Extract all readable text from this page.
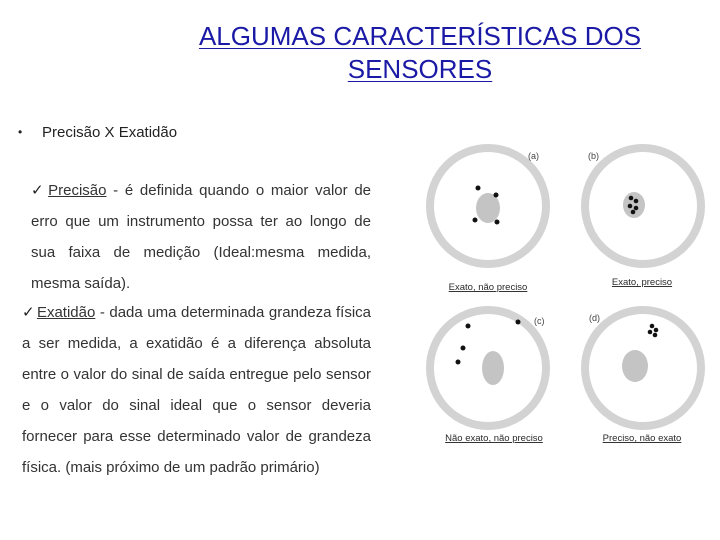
ALGUMAS CARACTERÍSTICAS DOS
SENSORES
• Precisão X Exatidão

✓ Precisão - é definida quando o maior valor de erro que um instrumento possa ter ao longo de sua faixa de medição (Ideal:mesma medida, mesma saída).

✓ Exatidão - dada uma determinada grandeza física a ser medida, a exatidão é a diferença absoluta entre o valor do sinal de saída entregue pelo sensor e o valor do sinal ideal que o sensor deveria fornecer para esse determinado valor de grandeza física. (mais próximo de um padrão primário)

(a)
Exato, não preciso
(b)
Exato, preciso
(c)
Não exato, não preciso
(d)
Preciso, não exato
